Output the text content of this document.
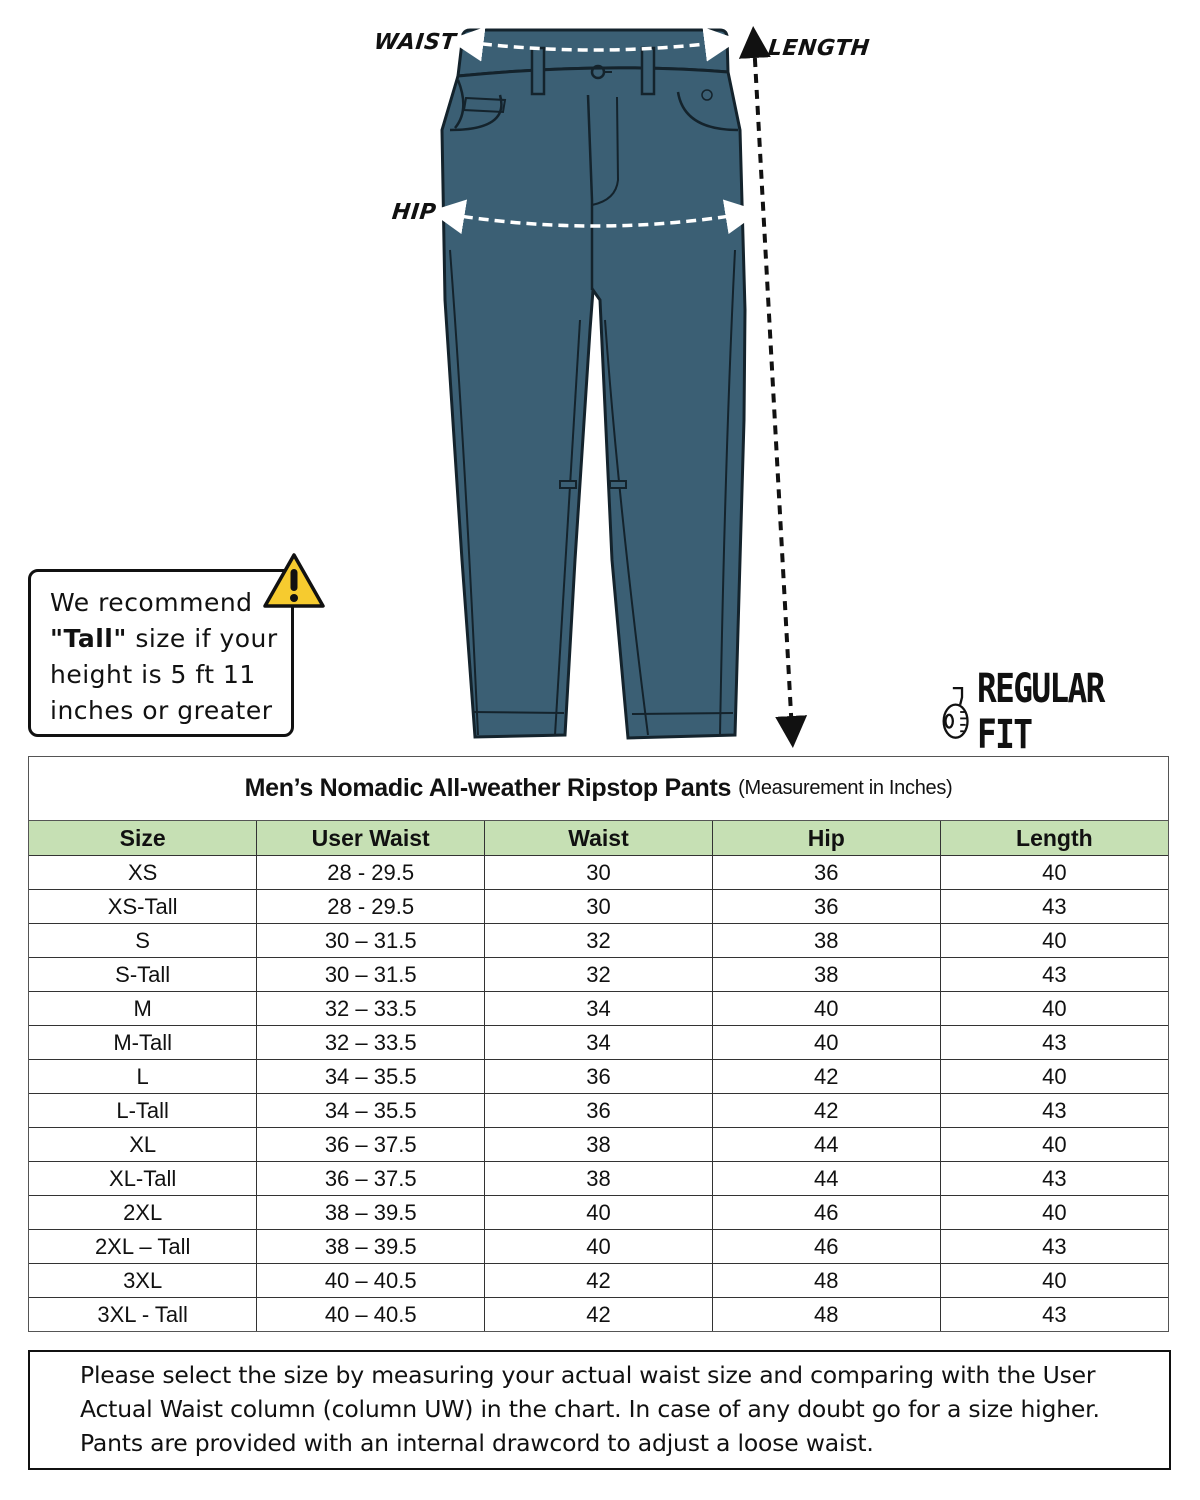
WAIST
HIP
LENGTH
We recommend
"Tall" size if your
height is 5 ft 11
inches or greater	REGULAR FIT
Men’s Nomadic All-weather Ripstop Pants (Measurement in Inches)
Size	User Waist	Waist	Hip	Length
XS	28 - 29.5	30	36	40
XS-Tall	28 - 29.5	30	36	43
S	30 – 31.5	32	38	40
S-Tall	30 – 31.5	32	38	43
M	32 – 33.5	34	40	40
M-Tall	32 – 33.5	34	40	43
L	34 – 35.5	36	42	40
L-Tall	34 – 35.5	36	42	43
XL	36 – 37.5	38	44	40
XL-Tall	36 – 37.5	38	44	43
2XL	38 – 39.5	40	46	40
2XL – Tall	38 – 39.5	40	46	43
3XL	40 – 40.5	42	48	40
3XL - Tall	40 – 40.5	42	48	43
Please select the size by measuring your actual waist size and comparing with the User Actual Waist column (column UW) in the chart. In case of any doubt go for a size higher. Pants are provided with an internal drawcord to adjust a loose waist.
